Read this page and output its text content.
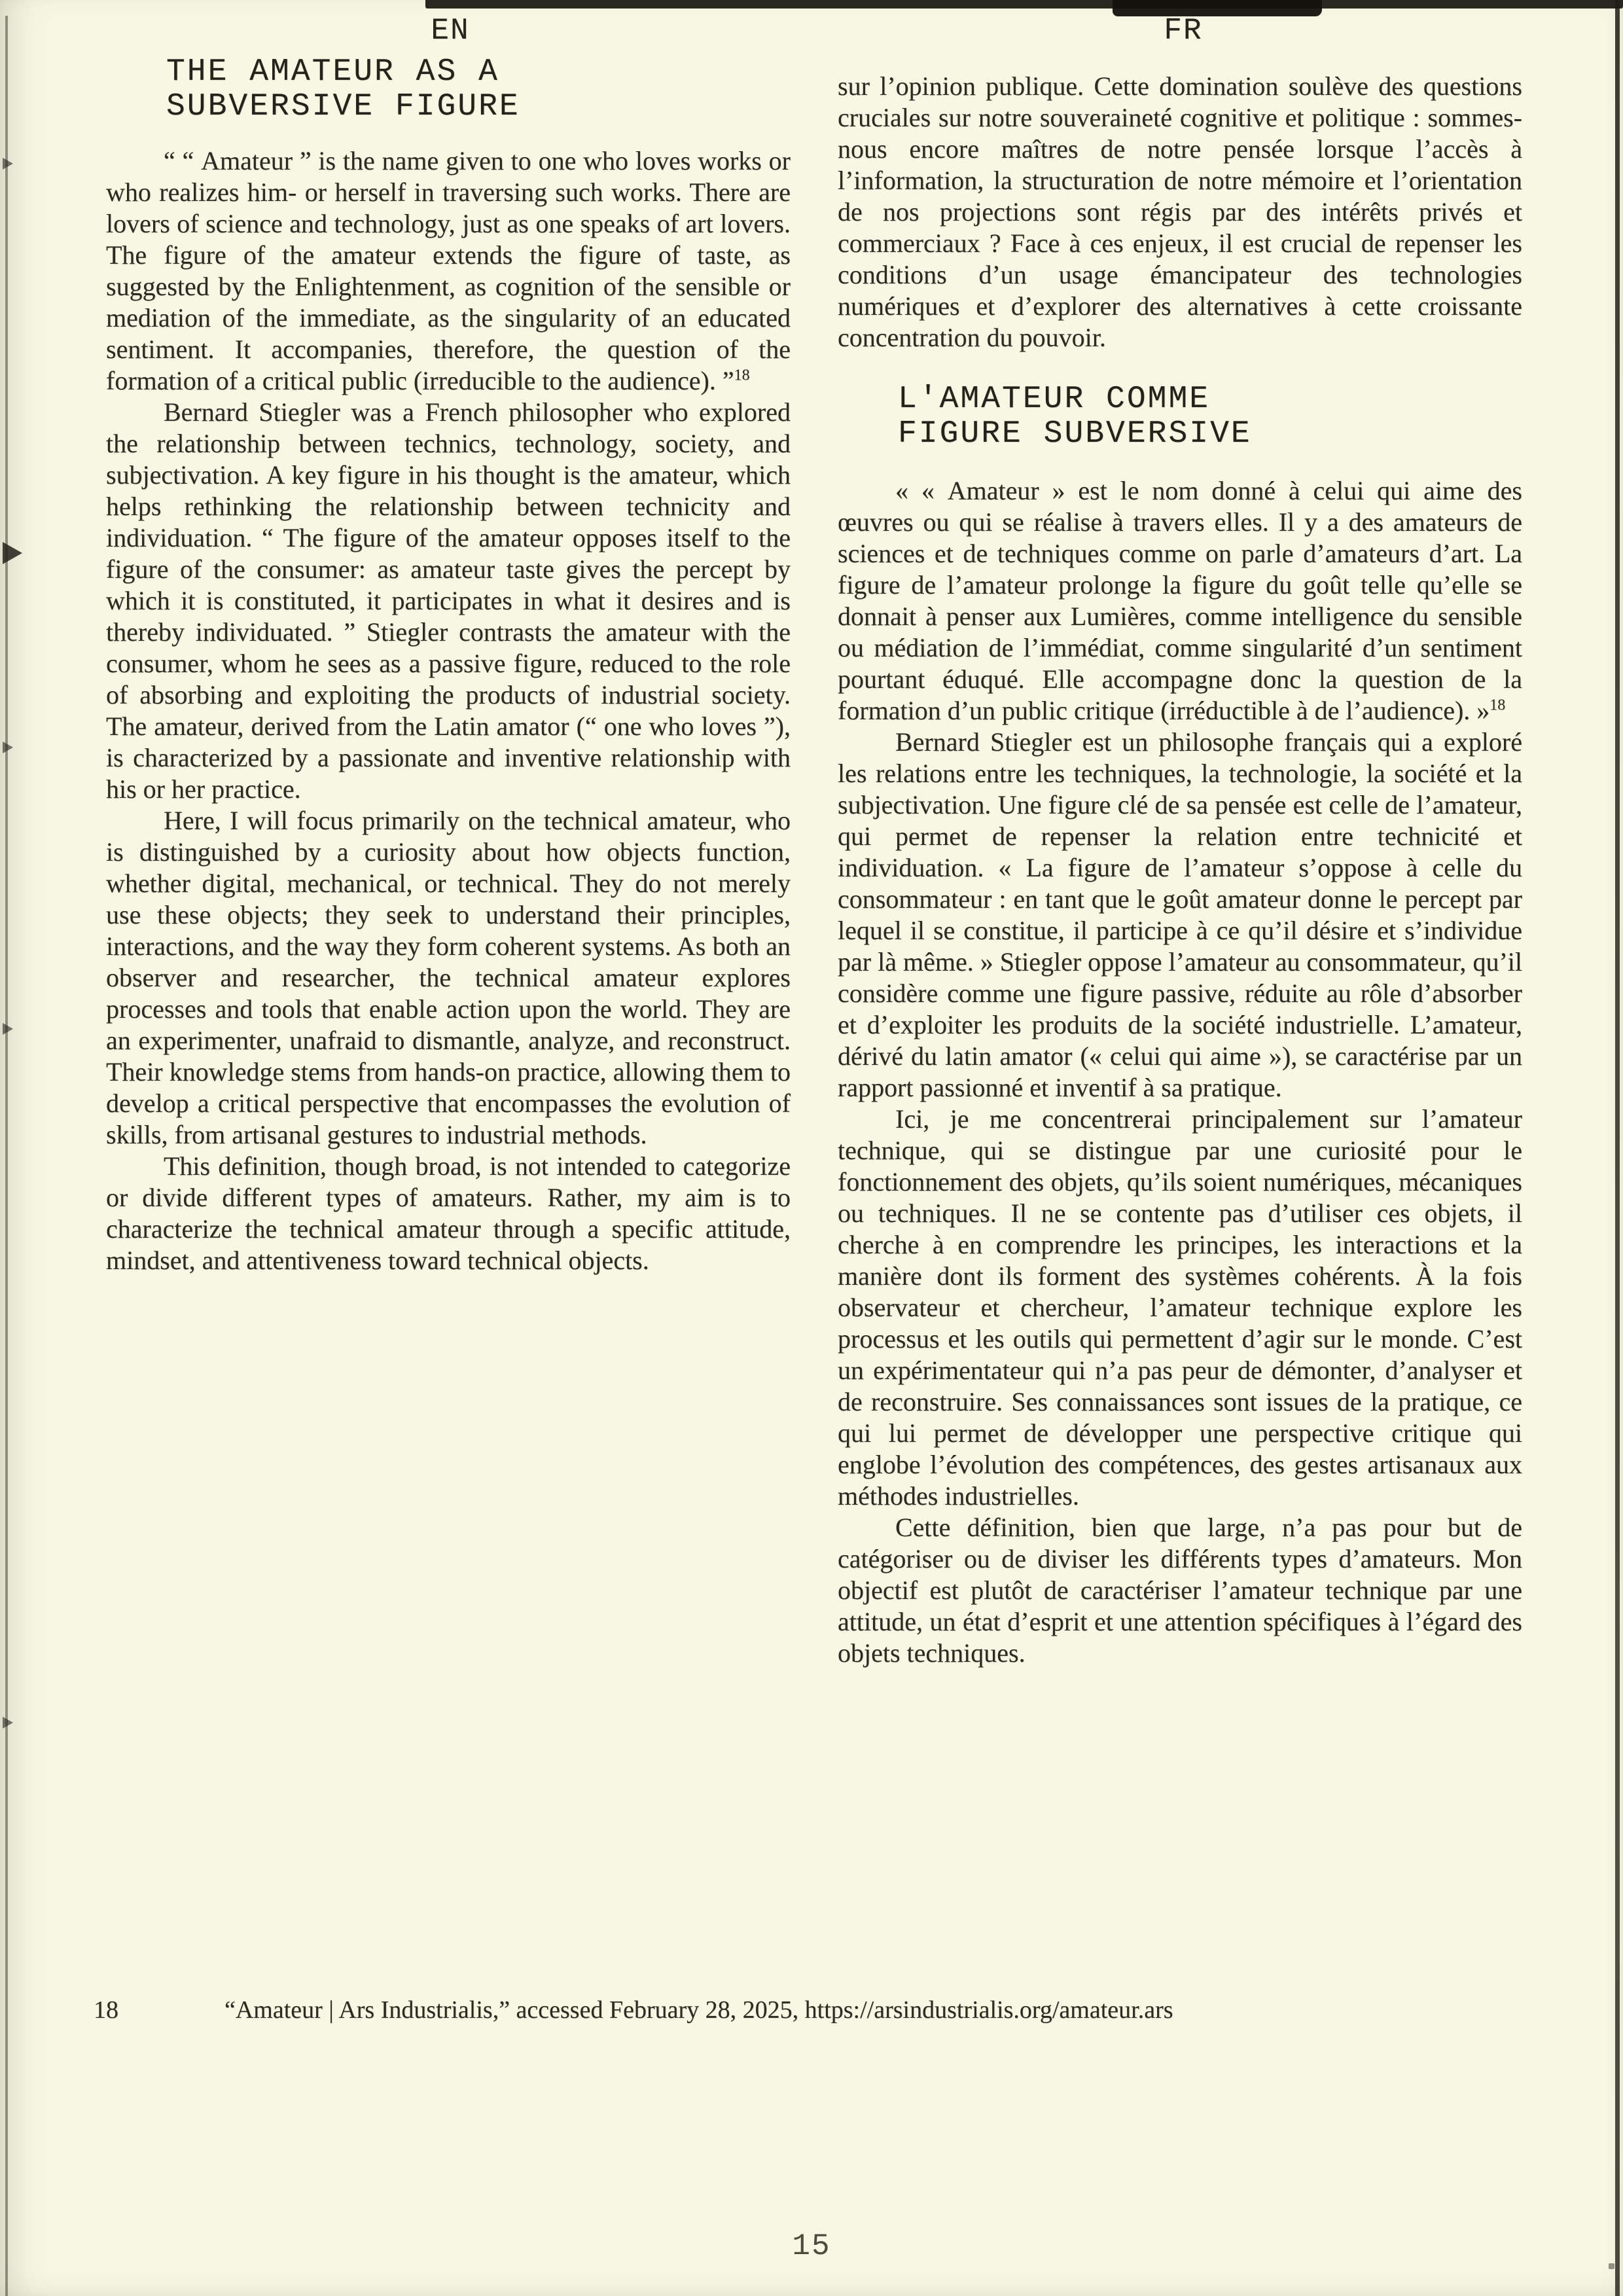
EN	FR
THE AMATEUR AS A
SUBVERSIVE FIGURE

“ “ Amateur ” is the name given to one who loves works or who realizes him- or herself in traversing such works. There are lovers of science and technology, just as one speaks of art lovers. The figure of the amateur extends the figure of taste, as suggested by the Enlightenment, as cognition of the sensible or mediation of the immediate, as the singularity of an educated sentiment. It accompanies, therefore, the question of the formation of a critical public (irreducible to the audience). ”$^{18}$

Bernard Stiegler was a French philosopher who explored the relationship between technics, technology, society, and subjectivation. A key figure in his thought is the amateur, which helps rethinking the relationship between technicity and individuation. “ The figure of the amateur opposes itself to the figure of the consumer: as amateur taste gives the percept by which it is constituted, it participates in what it desires and is thereby individuated. ” Stiegler contrasts the amateur with the consumer, whom he sees as a passive figure, reduced to the role of absorbing and exploiting the products of industrial society. The amateur, derived from the Latin amator (“ one who loves ”), is characterized by a passionate and inventive relationship with his or her practice.

Here, I will focus primarily on the technical amateur, who is distinguished by a curiosity about how objects function, whether digital, mechanical, or technical. They do not merely use these objects; they seek to understand their principles, interactions, and the way they form coherent systems. As both an observer and researcher, the technical amateur explores processes and tools that enable action upon the world. They are an experimenter, unafraid to dismantle, analyze, and reconstruct. Their knowledge stems from hands-on practice, allowing them to develop a critical perspective that encompasses the evolution of skills, from artisanal gestures to industrial methods.

This definition, though broad, is not intended to categorize or divide different types of amateurs. Rather, my aim is to characterize the technical amateur through a specific attitude, mindset, and attentiveness toward technical objects.

sur l’opinion publique. Cette domination soulève des questions cruciales sur notre souveraineté cognitive et politique : sommes-nous encore maîtres de notre pensée lorsque l’accès à l’information, la structuration de notre mémoire et l’orientation de nos projections sont régis par des intérêts privés et commerciaux ? Face à ces enjeux, il est crucial de repenser les conditions d’un usage émancipateur des technologies numériques et d’explorer des alternatives à cette croissante concentration du pouvoir.

L'AMATEUR COMME
FIGURE SUBVERSIVE

« « Amateur » est le nom donné à celui qui aime des œuvres ou qui se réalise à travers elles. Il y a des amateurs de sciences et de techniques comme on parle d’amateurs d’art. La figure de l’amateur prolonge la figure du goût telle qu’elle se donnait à penser aux Lumières, comme intelligence du sensible ou médiation de l’immédiat, comme singularité d’un sentiment pourtant éduqué. Elle accompagne donc la question de la formation d’un public critique (irréductible à de l’audience). »$^{18}$

Bernard Stiegler est un philosophe français qui a exploré les relations entre les techniques, la technologie, la société et la subjectivation. Une figure clé de sa pensée est celle de l’amateur, qui permet de repenser la relation entre technicité et individuation. « La figure de l’amateur s’oppose à celle du consommateur : en tant que le goût amateur donne le percept par lequel il se constitue, il participe à ce qu’il désire et s’individue par là même. » Stiegler oppose l’amateur au consommateur, qu’il considère comme une figure passive, réduite au rôle d’absorber et d’exploiter les produits de la société industrielle. L’amateur, dérivé du latin amator (« celui qui aime »), se caractérise par un rapport passionné et inventif à sa pratique.

Ici, je me concentrerai principalement sur l’amateur technique, qui se distingue par une curiosité pour le fonctionnement des objets, qu’ils soient numériques, mécaniques ou techniques. Il ne se contente pas d’utiliser ces objets, il cherche à en comprendre les principes, les interactions et la manière dont ils forment des systèmes cohérents. À la fois observateur et chercheur, l’amateur technique explore les processus et les outils qui permettent d’agir sur le monde. C’est un expérimentateur qui n’a pas peur de démonter, d’analyser et de reconstruire. Ses connaissances sont issues de la pratique, ce qui lui permet de développer une perspective critique qui englobe l’évolution des compétences, des gestes artisanaux aux méthodes industrielles.

Cette définition, bien que large, n’a pas pour but de catégoriser ou de diviser les différents types d’amateurs. Mon objectif est plutôt de caractériser l’amateur technique par une attitude, un état d’esprit et une attention spécifiques à l’égard des objets techniques.

18	“Amateur | Ars Industrialis,” accessed February 28, 2025, https://arsindustrialis.org/amateur.ars
15
